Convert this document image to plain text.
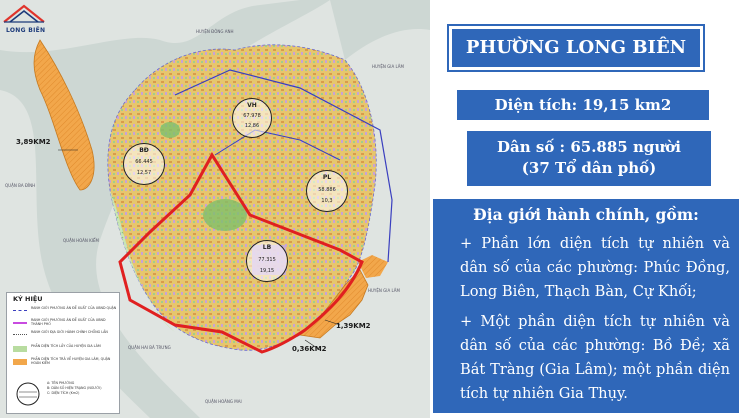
LONG BIÊN	HUYỆN ĐÔNG ANH
HUYỆN GIA LÂM
QUẬN BA ĐÌNH
QUẬN HOÀN KIẾM
QUẬN HAI BÀ TRƯNG
QUẬN HOÀNG MAI
HUYỆN GIA LÂM
3,89KM2
1,39KM2
0,36KM2
VH
67.978
12,86
BĐ
66.445
12,57
PL
58.886
10,3
LB
77.315
19,15
KÝ HIỆU
RANH GIỚI PHƯỜNG ÁN ĐỀ XUẤT CỦA UBND QUẬN
RANH GIỚI PHƯỜNG ÁN ĐỀ XUẤT CỦA UBND THÀNH PHỐ
RANH GIỚI ĐỊA GIỚI HÀNH CHÍNH CHỒNG LẤN
PHẦN DIỆN TÍCH LẤY CỦA HUYỆN GIA LÂM
PHẦN DIỆN TÍCH TRẢ VỀ HUYỆN GIA LÂM, QUẬN HOÀN KIẾM
A: TÊN PHƯỜNG
B: DÂN SỐ HIỆN TRẠNG (NGƯỜI)
C: DIỆN TÍCH (Km2)
PHƯỜNG LONG BIÊN
Diện tích: 19,15 km2
Dân số : 65.885 người
(37 Tổ dân phố)
Địa giới hành chính, gồm:
+ Phần lớn diện tích tự nhiên và dân số của các phường: Phúc Đồng, Long Biên, Thạch Bàn, Cự Khối;
+ Một phần diện tích tự nhiên và dân số của các phường: Bồ Đề; xã Bát Tràng (Gia Lâm); một phần diện tích tự nhiên Gia Thụy.
